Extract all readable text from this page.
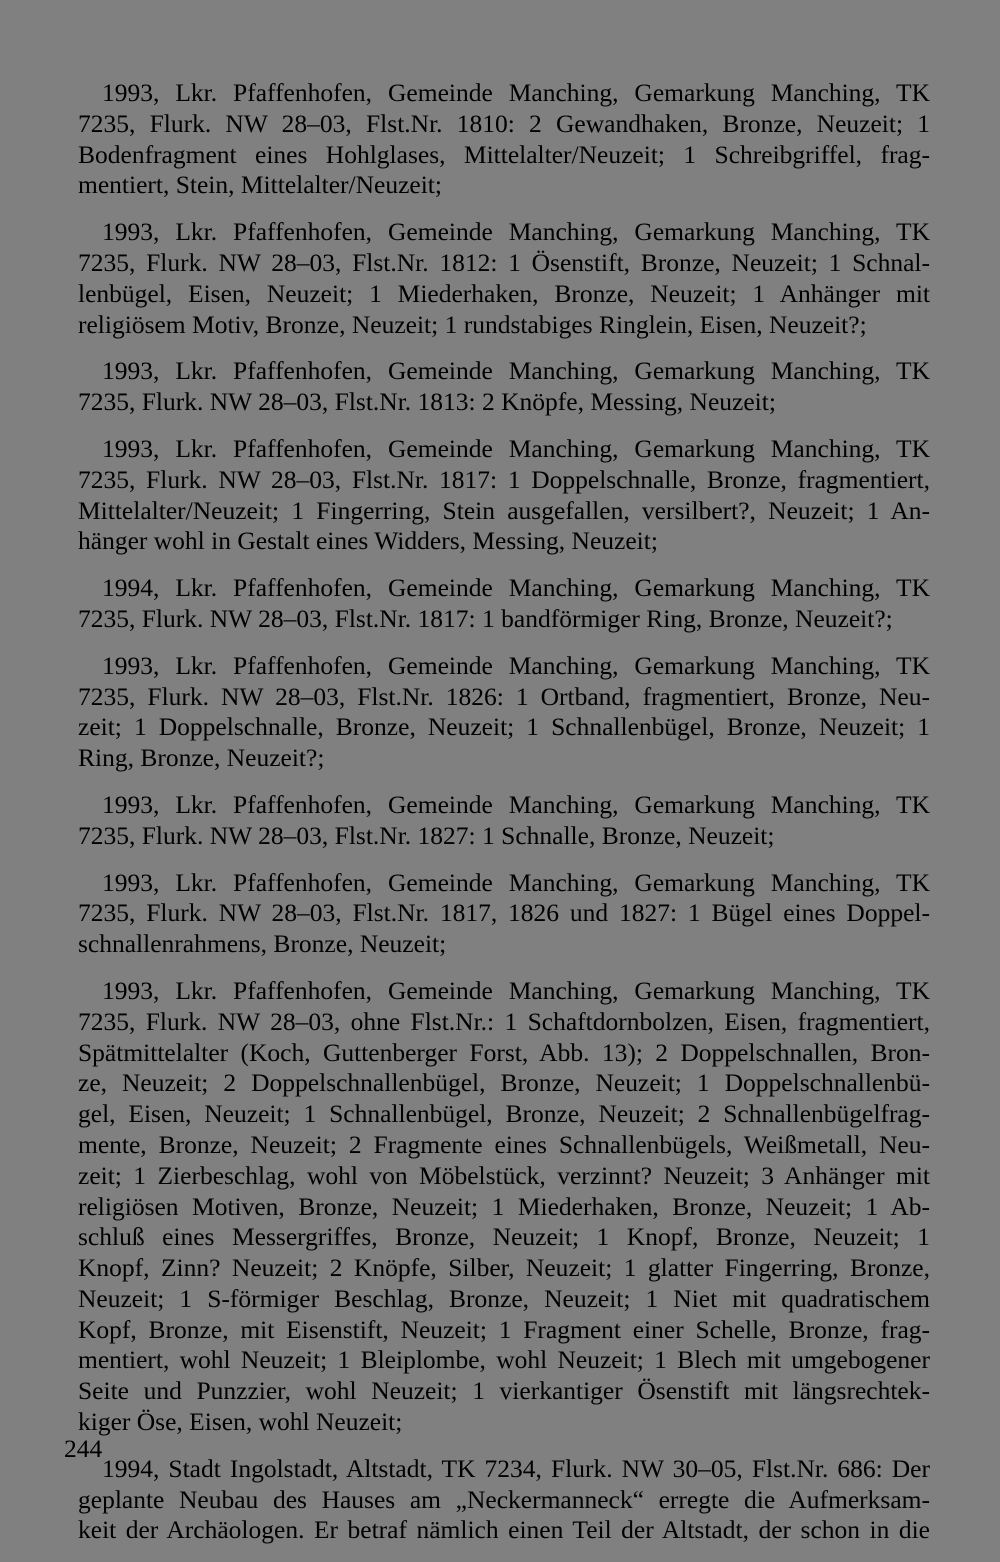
1993, Lkr. Pfaffenhofen, Gemeinde Manching, Gemarkung Manching, TK
7235, Flurk. NW 28–03, Flst.Nr. 1810: 2 Gewandhaken, Bronze, Neuzeit; 1
Bodenfragment eines Hohlglases, Mittelalter/Neuzeit; 1 Schreibgriffel, frag-
mentiert, Stein, Mittelalter/Neuzeit;
1993, Lkr. Pfaffenhofen, Gemeinde Manching, Gemarkung Manching, TK
7235, Flurk. NW 28–03, Flst.Nr. 1812: 1 Ösenstift, Bronze, Neuzeit; 1 Schnal-
lenbügel, Eisen, Neuzeit; 1 Miederhaken, Bronze, Neuzeit; 1 Anhänger mit
religiösem Motiv, Bronze, Neuzeit; 1 rundstabiges Ringlein, Eisen, Neuzeit?;
1993, Lkr. Pfaffenhofen, Gemeinde Manching, Gemarkung Manching, TK
7235, Flurk. NW 28–03, Flst.Nr. 1813: 2 Knöpfe, Messing, Neuzeit;
1993, Lkr. Pfaffenhofen, Gemeinde Manching, Gemarkung Manching, TK
7235, Flurk. NW 28–03, Flst.Nr. 1817: 1 Doppelschnalle, Bronze, fragmentiert,
Mittelalter/Neuzeit; 1 Fingerring, Stein ausgefallen, versilbert?, Neuzeit; 1 An-
hänger wohl in Gestalt eines Widders, Messing, Neuzeit;
1994, Lkr. Pfaffenhofen, Gemeinde Manching, Gemarkung Manching, TK
7235, Flurk. NW 28–03, Flst.Nr. 1817: 1 bandförmiger Ring, Bronze, Neuzeit?;
1993, Lkr. Pfaffenhofen, Gemeinde Manching, Gemarkung Manching, TK
7235, Flurk. NW 28–03, Flst.Nr. 1826: 1 Ortband, fragmentiert, Bronze, Neu-
zeit; 1 Doppelschnalle, Bronze, Neuzeit; 1 Schnallenbügel, Bronze, Neuzeit; 1
Ring, Bronze, Neuzeit?;
1993, Lkr. Pfaffenhofen, Gemeinde Manching, Gemarkung Manching, TK
7235, Flurk. NW 28–03, Flst.Nr. 1827: 1 Schnalle, Bronze, Neuzeit;
1993, Lkr. Pfaffenhofen, Gemeinde Manching, Gemarkung Manching, TK
7235, Flurk. NW 28–03, Flst.Nr. 1817, 1826 und 1827: 1 Bügel eines Doppel-
schnallenrahmens, Bronze, Neuzeit;
1993, Lkr. Pfaffenhofen, Gemeinde Manching, Gemarkung Manching, TK
7235, Flurk. NW 28–03, ohne Flst.Nr.: 1 Schaftdornbolzen, Eisen, fragmentiert,
Spätmittelalter (Koch, Guttenberger Forst, Abb. 13); 2 Doppelschnallen, Bron-
ze, Neuzeit; 2 Doppelschnallenbügel, Bronze, Neuzeit; 1 Doppelschnallenbü-
gel, Eisen, Neuzeit; 1 Schnallenbügel, Bronze, Neuzeit; 2 Schnallenbügelfrag-
mente, Bronze, Neuzeit; 2 Fragmente eines Schnallenbügels, Weißmetall, Neu-
zeit; 1 Zierbeschlag, wohl von Möbelstück, verzinnt? Neuzeit; 3 Anhänger mit
religiösen Motiven, Bronze, Neuzeit; 1 Miederhaken, Bronze, Neuzeit; 1 Ab-
schluß eines Messergriffes, Bronze, Neuzeit; 1 Knopf, Bronze, Neuzeit; 1
Knopf, Zinn? Neuzeit; 2 Knöpfe, Silber, Neuzeit; 1 glatter Fingerring, Bronze,
Neuzeit; 1 S-förmiger Beschlag, Bronze, Neuzeit; 1 Niet mit quadratischem
Kopf, Bronze, mit Eisenstift, Neuzeit; 1 Fragment einer Schelle, Bronze, frag-
mentiert, wohl Neuzeit; 1 Bleiplombe, wohl Neuzeit; 1 Blech mit umgebogener
Seite und Punzzier, wohl Neuzeit; 1 vierkantiger Ösenstift mit längsrechtek-
kiger Öse, Eisen, wohl Neuzeit;
1994, Stadt Ingolstadt, Altstadt, TK 7234, Flurk. NW 30–05, Flst.Nr. 686: Der
geplante Neubau des Hauses am „Neckermanneck“ erregte die Aufmerksam-
keit der Archäologen. Er betraf nämlich einen Teil der Altstadt, der schon in die
244
